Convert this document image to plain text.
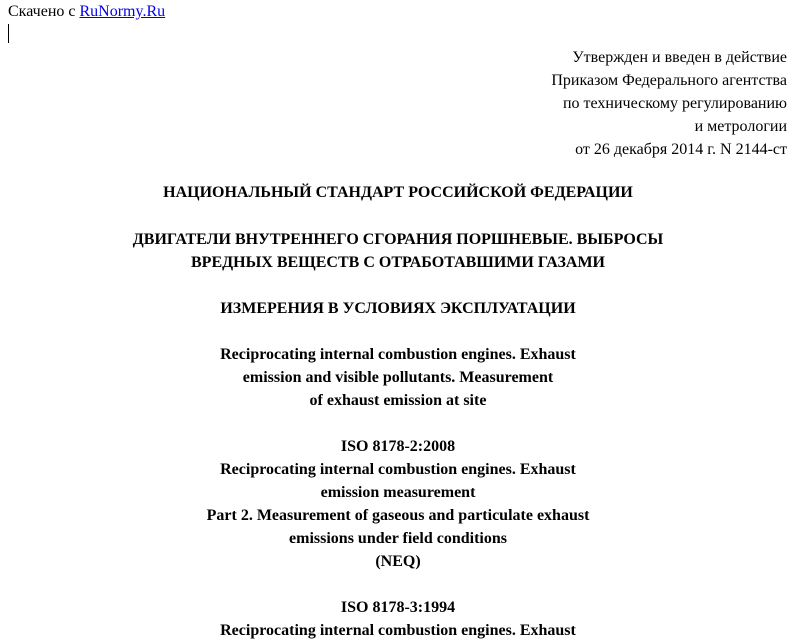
Скачено с RuNormy.Ru
Утвержден и введен в действие
Приказом Федерального агентства
по техническому регулированию
и метрологии
от 26 декабря 2014 г. N 2144-ст
НАЦИОНАЛЬНЫЙ СТАНДАРТ РОССИЙСКОЙ ФЕДЕРАЦИИ
ДВИГАТЕЛИ ВНУТРЕННЕГО СГОРАНИЯ ПОРШНЕВЫЕ. ВЫБРОСЫ
ВРЕДНЫХ ВЕЩЕСТВ С ОТРАБОТАВШИМИ ГАЗАМИ
ИЗМЕРЕНИЯ В УСЛОВИЯХ ЭКСПЛУАТАЦИИ
Reciprocating internal combustion engines. Exhaust
emission and visible pollutants. Measurement
of exhaust emission at site
ISO 8178-2:2008
Reciprocating internal combustion engines. Exhaust
emission measurement
Part 2. Measurement of gaseous and particulate exhaust
emissions under field conditions
(NEQ)
ISO 8178-3:1994
Reciprocating internal combustion engines. Exhaust
